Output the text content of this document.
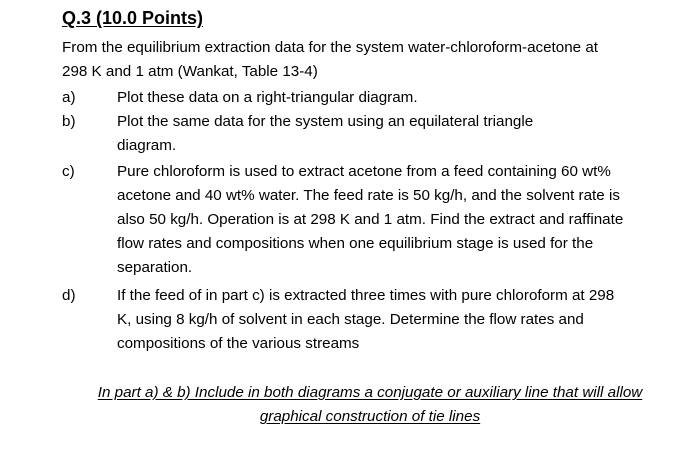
Q.3 (10.0 Points)
From the equilibrium extraction data for the system water-chloroform-acetone at
298 K and 1 atm (Wankat, Table 13-4)
a)	Plot these data on a right-triangular diagram.
b)	Plot the same data for the system using an equilateral triangle
diagram.
c)	Pure chloroform is used to extract acetone from a feed containing 60 wt%
acetone and 40 wt% water. The feed rate is 50 kg/h, and the solvent rate is
also 50 kg/h. Operation is at 298 K and 1 atm. Find the extract and raffinate
flow rates and compositions when one equilibrium stage is used for the
separation.
d)	If the feed of in part c) is extracted three times with pure chloroform at 298
K, using 8 kg/h of solvent in each stage. Determine the flow rates and
compositions of the various streams
In part a) & b) Include in both diagrams a conjugate or auxiliary line that will allow
graphical construction of tie lines
